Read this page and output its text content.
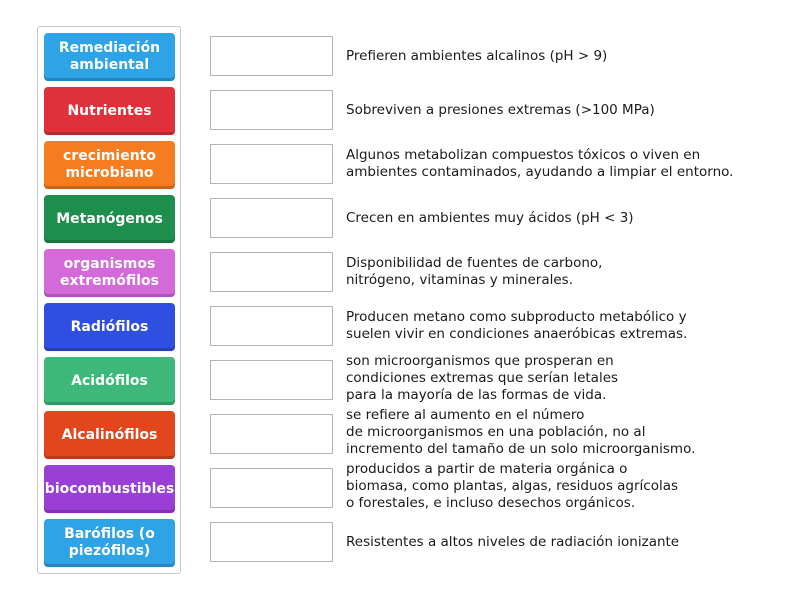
Remediación
ambiental
Nutrientes
crecimiento
microbiano
Metanógenos
organismos
extremófilos
Radiófilos
Acidófilos
Alcalinófilos
biocombustibles
Barófilos (o
piezófilos)
Prefieren ambientes alcalinos (pH > 9)
Sobreviven a presiones extremas (>100 MPa)
Algunos metabolizan compuestos tóxicos o viven en
ambientes contaminados, ayudando a limpiar el entorno.
Crecen en ambientes muy ácidos (pH < 3)
Disponibilidad de fuentes de carbono,
nitrógeno, vitaminas y minerales.
Producen metano como subproducto metabólico y
suelen vivir en condiciones anaeróbicas extremas.
son microorganismos que prosperan en
condiciones extremas que serían letales
para la mayoría de las formas de vida.
se refiere al aumento en el número
de microorganismos en una población, no al
incremento del tamaño de un solo microorganismo.
producidos a partir de materia orgánica o
biomasa, como plantas, algas, residuos agrícolas
o forestales, e incluso desechos orgánicos.
Resistentes a altos niveles de radiación ionizante
